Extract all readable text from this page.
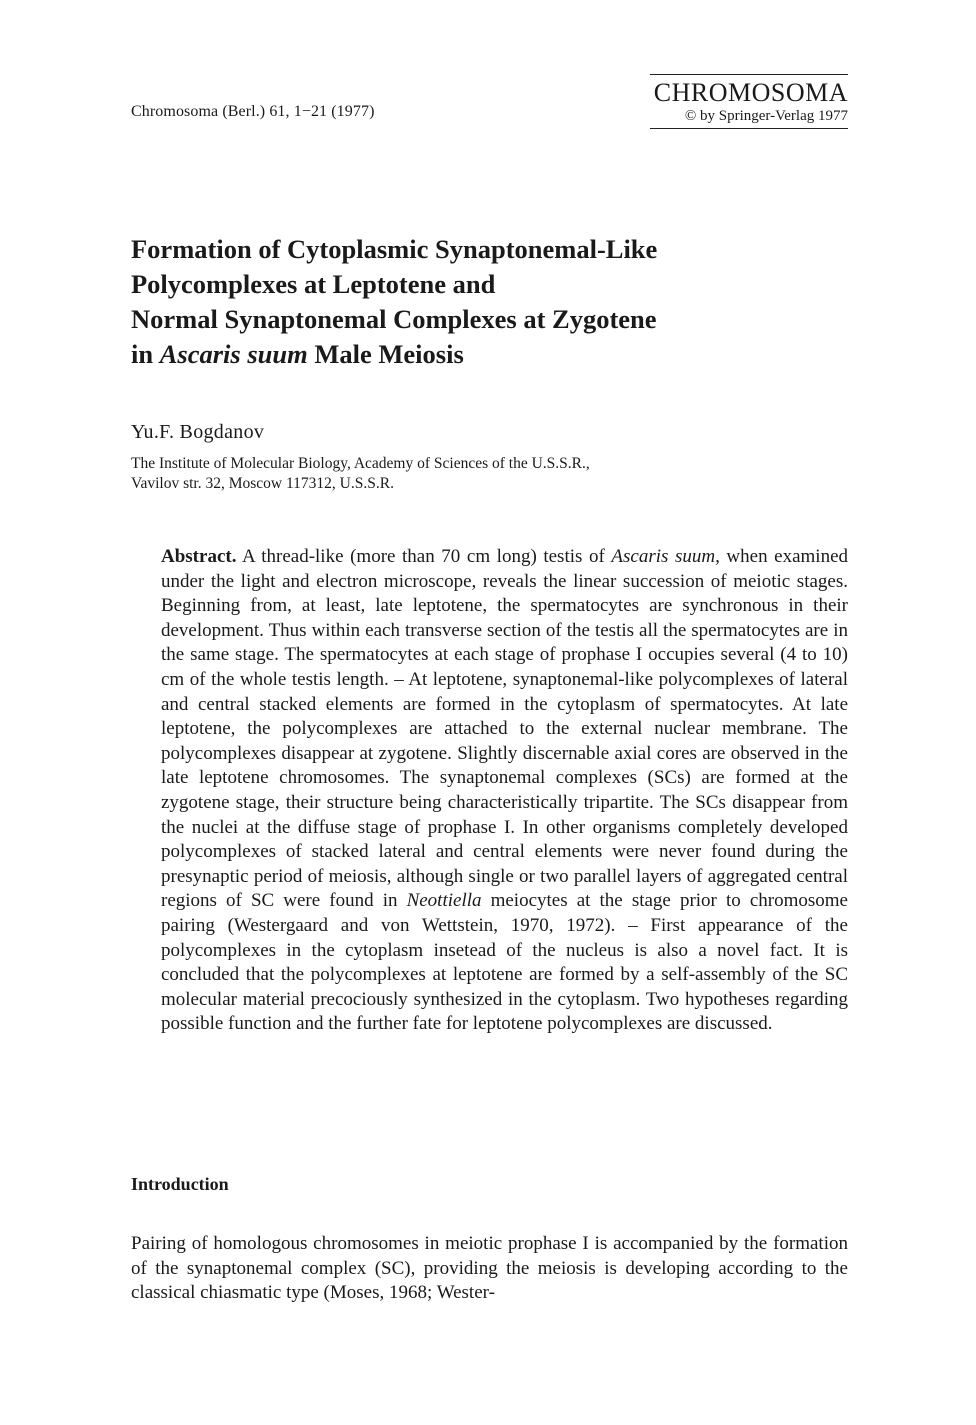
Chromosoma (Berl.) 61, 1−21 (1977)
CHROMOSOMA
© by Springer-Verlag 1977
Formation of Cytoplasmic Synaptonemal-Like
Polycomplexes at Leptotene and
Normal Synaptonemal Complexes at Zygotene
in Ascaris suum Male Meiosis
Yu.F. Bogdanov
The Institute of Molecular Biology, Academy of Sciences of the U.S.S.R.,
Vavilov str. 32, Moscow 117312, U.S.S.R.

Abstract. A thread-like (more than 70 cm long) testis of Ascaris suum, when examined under the light and electron microscope, reveals the linear succession of meiotic stages. Beginning from, at least, late leptotene, the spermatocytes are synchronous in their development. Thus within each transverse section of the testis all the spermatocytes are in the same stage. The spermatocytes at each stage of prophase I occupies several (4 to 10) cm of the whole testis length. – At leptotene, synaptonemal-like polycomplexes of lateral and central stacked elements are formed in the cytoplasm of spermatocytes. At late leptotene, the polycomplexes are attached to the external nuclear membrane. The polycomplexes disappear at zygotene. Slightly discernable axial cores are observed in the late leptotene chromosomes. The synaptonemal complexes (SCs) are formed at the zygotene stage, their structure being characteristically tripartite. The SCs disappear from the nuclei at the diffuse stage of prophase I. In other organisms completely developed polycomplexes of stacked lateral and central elements were never found during the presynaptic period of meiosis, although single or two parallel layers of aggregated central regions of SC were found in Neottiella meiocytes at the stage prior to chromosome pairing (Westergaard and von Wettstein, 1970, 1972). – First appearance of the polycomplexes in the cytoplasm insetead of the nucleus is also a novel fact. It is concluded that the polycomplexes at leptotene are formed by a self-assembly of the SC molecular material precociously synthesized in the cytoplasm. Two hypotheses regarding possible function and the further fate for leptotene polycomplexes are discussed.

Introduction

Pairing of homologous chromosomes in meiotic prophase I is accompanied by the formation of the synaptonemal complex (SC), providing the meiosis is developing according to the classical chiasmatic type (Moses, 1968; Wester-
